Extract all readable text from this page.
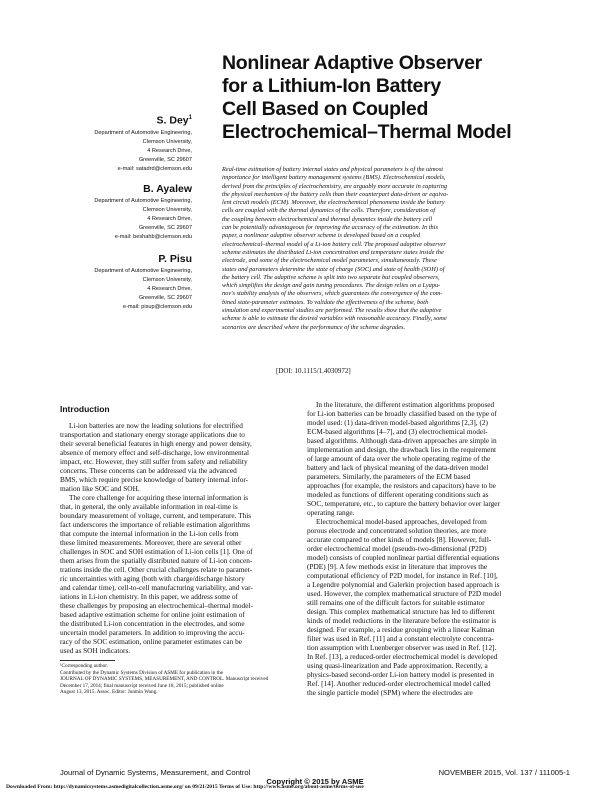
Nonlinear Adaptive Observer
for a Lithium-Ion Battery
Cell Based on Coupled
Electrochemical–Thermal Model
S. Dey$^1$
Department of Automotive Engineering,
Clemson University,
4 Research Drive,
Greenville, SC 29607
e-mail: satadrd@clemson.edu
B. Ayalew
Department of Automotive Engineering,
Clemson University,
4 Research Drive,
Greenville, SC 29607
e-mail: beshahb@clemson.edu
P. Pisu
Department of Automotive Engineering,
Clemson University,
4 Research Drive,
Greenville, SC 29607
e-mail: pisup@clemson.edu
Real-time estimation of battery internal states and physical parameters is of the utmost
importance for intelligent battery management systems (BMS). Electrochemical models,
derived from the principles of electrochemistry, are arguably more accurate in capturing
the physical mechanism of the battery cells than their counterpart data-driven or equiva-
lent circuit models (ECM). Moreover, the electrochemical phenomena inside the battery
cells are coupled with the thermal dynamics of the cells. Therefore, consideration of
the coupling between electrochemical and thermal dynamics inside the battery cell
can be potentially advantageous for improving the accuracy of the estimation. In this
paper, a nonlinear adaptive observer scheme is developed based on a coupled
electrochemical–thermal model of a Li-ion battery cell. The proposed adaptive observer
scheme estimates the distributed Li-ion concentration and temperature states inside the
electrode, and some of the electrochemical model parameters, simultaneously. These
states and parameters determine the state of charge (SOC) and state of health (SOH) of
the battery cell. The adaptive scheme is split into two separate but coupled observers,
which simplifies the design and gain tuning procedures. The design relies on a Lyapu-
nov's stability analysis of the observers, which guarantees the convergence of the com-
bined state-parameter estimates. To validate the effectiveness of the scheme, both
simulation and experimental studies are performed. The results show that the adaptive
scheme is able to estimate the desired variables with reasonable accuracy. Finally, some
scenarios are described where the performance of the scheme degrades.
[DOI: 10.1115/1.4030972]
Introduction
Li-ion batteries are now the leading solutions for electrified
transportation and stationary energy storage applications due to
their several beneficial features in high energy and power density,
absence of memory effect and self-discharge, low environmental
impact, etc. However, they still suffer from safety and reliability
concerns. These concerns can be addressed via the advanced
BMS, which require precise knowledge of battery internal infor-
mation like SOC and SOH.
The core challenge for acquiring these internal information is
that, in general, the only available information in real-time is
boundary measurement of voltage, current, and temperature. This
fact underscores the importance of reliable estimation algorithms
that compute the internal information in the Li-ion cells from
these limited measurements. Moreover, there are several other
challenges in SOC and SOH estimation of Li-ion cells [1]. One of
them arises from the spatially distributed nature of Li-ion concen-
trations inside the cell. Other crucial challenges relate to paramet-
ric uncertainties with aging (both with charge/discharge history
and calendar time), cell-to-cell manufacturing variability, and var-
iations in Li-ion chemistry. In this paper, we address some of
these challenges by proposing an electrochemical–thermal model-
based adaptive estimation scheme for online joint estimation of
the distributed Li-ion concentration in the electrodes, and some
uncertain model parameters. In addition to improving the accu-
racy of the SOC estimation, online parameter estimates can be
used as SOH indicators.
In the literature, the different estimation algorithms proposed
for Li-ion batteries can be broadly classified based on the type of
model used: (1) data-driven model-based algorithms [2,3], (2)
ECM-based algorithms [4–7], and (3) electrochemical model-
based algorithms. Although data-driven approaches are simple in
implementation and design, the drawback lies in the requirement
of large amount of data over the whole operating regime of the
battery and lack of physical meaning of the data-driven model
parameters. Similarly, the parameters of the ECM based
approaches (for example, the resistors and capacitors) have to be
modeled as functions of different operating conditions such as
SOC, temperature, etc., to capture the battery behavior over larger
operating range.
Electrochemical model-based approaches, developed from
porous electrode and concentrated solution theories, are more
accurate compared to other kinds of models [8]. However, full-
order electrochemical model (pseudo-two-dimensional (P2D)
model) consists of coupled nonlinear partial differential equations
(PDE) [9]. A few methods exist in literature that improves the
computational efficiency of P2D model, for instance in Ref. [10],
a Legendre polynomial and Galerkin projection based approach is
used. However, the complex mathematical structure of P2D model
still remains one of the difficult factors for suitable estimator
design. This complex mathematical structure has led to different
kinds of model reductions in the literature before the estimator is
designed. For example, a residue grouping with a linear Kalman
filter was used in Ref. [11] and a constant electrolyte concentra-
tion assumption with Luenberger observer was used in Ref. [12].
In Ref. [13], a reduced-order electrochemical model is developed
using quasi-linearization and Pade approximation. Recently, a
physics-based second-order Li-ion battery model is presented in
Ref. [14]. Another reduced-order electrochemical model called
the single particle model (SPM) where the electrodes are
¹Corresponding author.
Contributed by the Dynamic Systems Division of ASME for publication in the
JOURNAL OF DYNAMIC SYSTEMS, MEASUREMENT, AND CONTROL. Manuscript received
December 17, 2014; final manuscript received June 18, 2015; published online
August 13, 2015. Assoc. Editor: Junmin Wang.
Journal of Dynamic Systems, Measurement, and Control	NOVEMBER 2015, Vol. 137 / 111005-1
Copyright © 2015 by ASME
Downloaded From: http://dynamicsystems.asmedigitalcollection.asme.org/ on 09/21/2015 Terms of Use: http://www.asme.org/about-asme/terms-of-use
